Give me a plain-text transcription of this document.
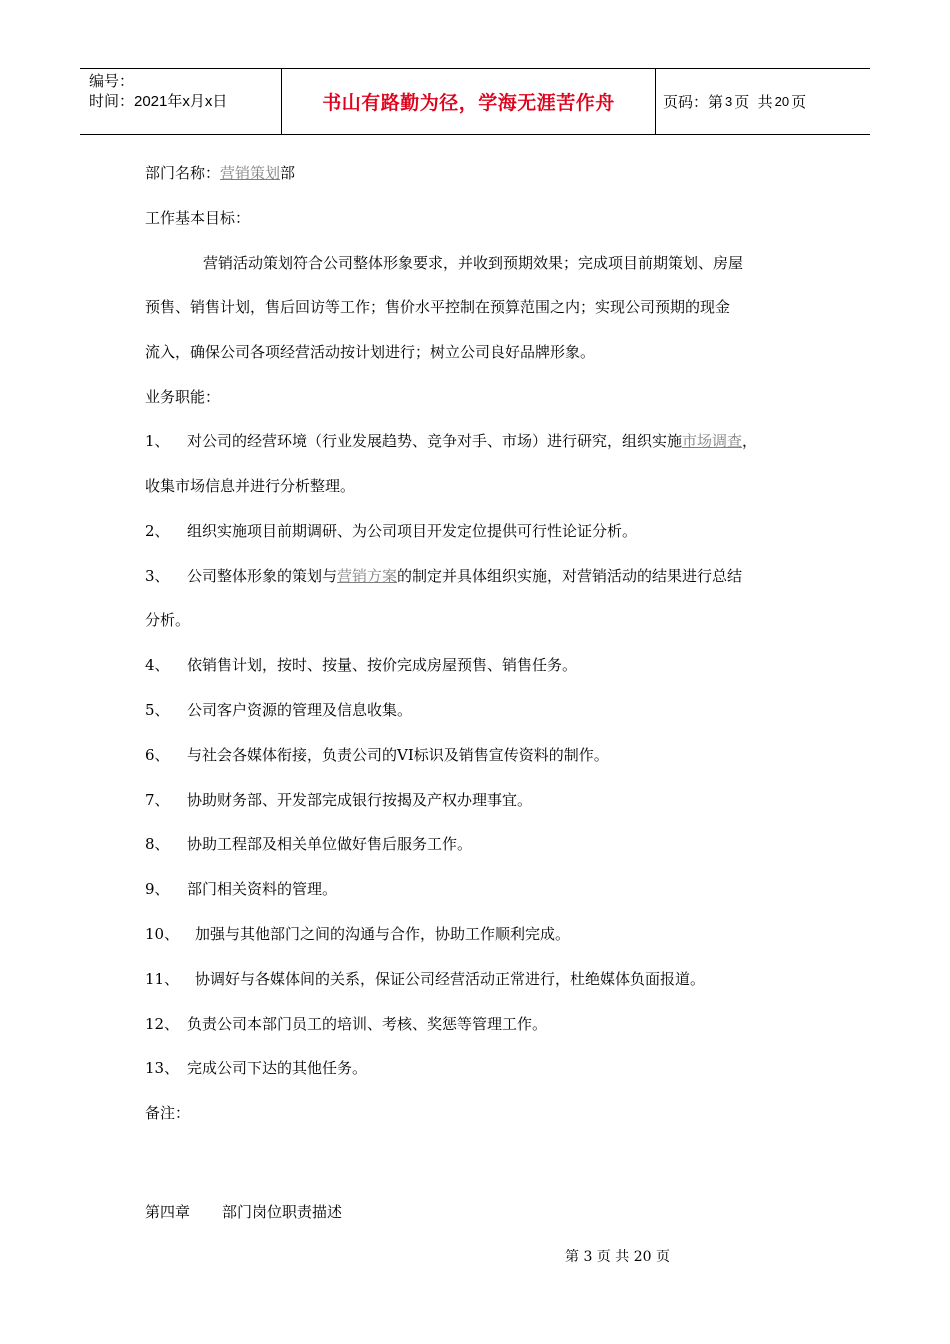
编号：
时间：2021年x月x日	书山有路勤为径，学海无涯苦作舟	页码：第 3 页  共 20 页
部门名称：营销策划部
工作基本目标：
营销活动策划符合公司整体形象要求，并收到预期效果；完成项目前期策划、房屋
预售、销售计划，售后回访等工作；售价水平控制在预算范围之内；实现公司预期的现金
流入，确保公司各项经营活动按计划进行；树立公司良好品牌形象。
业务职能：
1、 对公司的经营环境（行业发展趋势、竞争对手、市场）进行研究，组织实施市场调查，
收集市场信息并进行分析整理。
2、 组织实施项目前期调研、为公司项目开发定位提供可行性论证分析。
3、 公司整体形象的策划与营销方案的制定并具体组织实施，对营销活动的结果进行总结
分析。
4、 依销售计划，按时、按量、按价完成房屋预售、销售任务。
5、 公司客户资源的管理及信息收集。
6、 与社会各媒体衔接，负责公司的VI标识及销售宣传资料的制作。
7、 协助财务部、开发部完成银行按揭及产权办理事宜。
8、 协助工程部及相关单位做好售后服务工作。
9、 部门相关资料的管理。
10、 加强与其他部门之间的沟通与合作，协助工作顺利完成。
11、 协调好与各媒体间的关系，保证公司经营活动正常进行，杜绝媒体负面报道。
12、 负责公司本部门员工的培训、考核、奖惩等管理工作。
13、 完成公司下达的其他任务。
备注：
第四章 部门岗位职责描述
第 3 页 共 20 页
